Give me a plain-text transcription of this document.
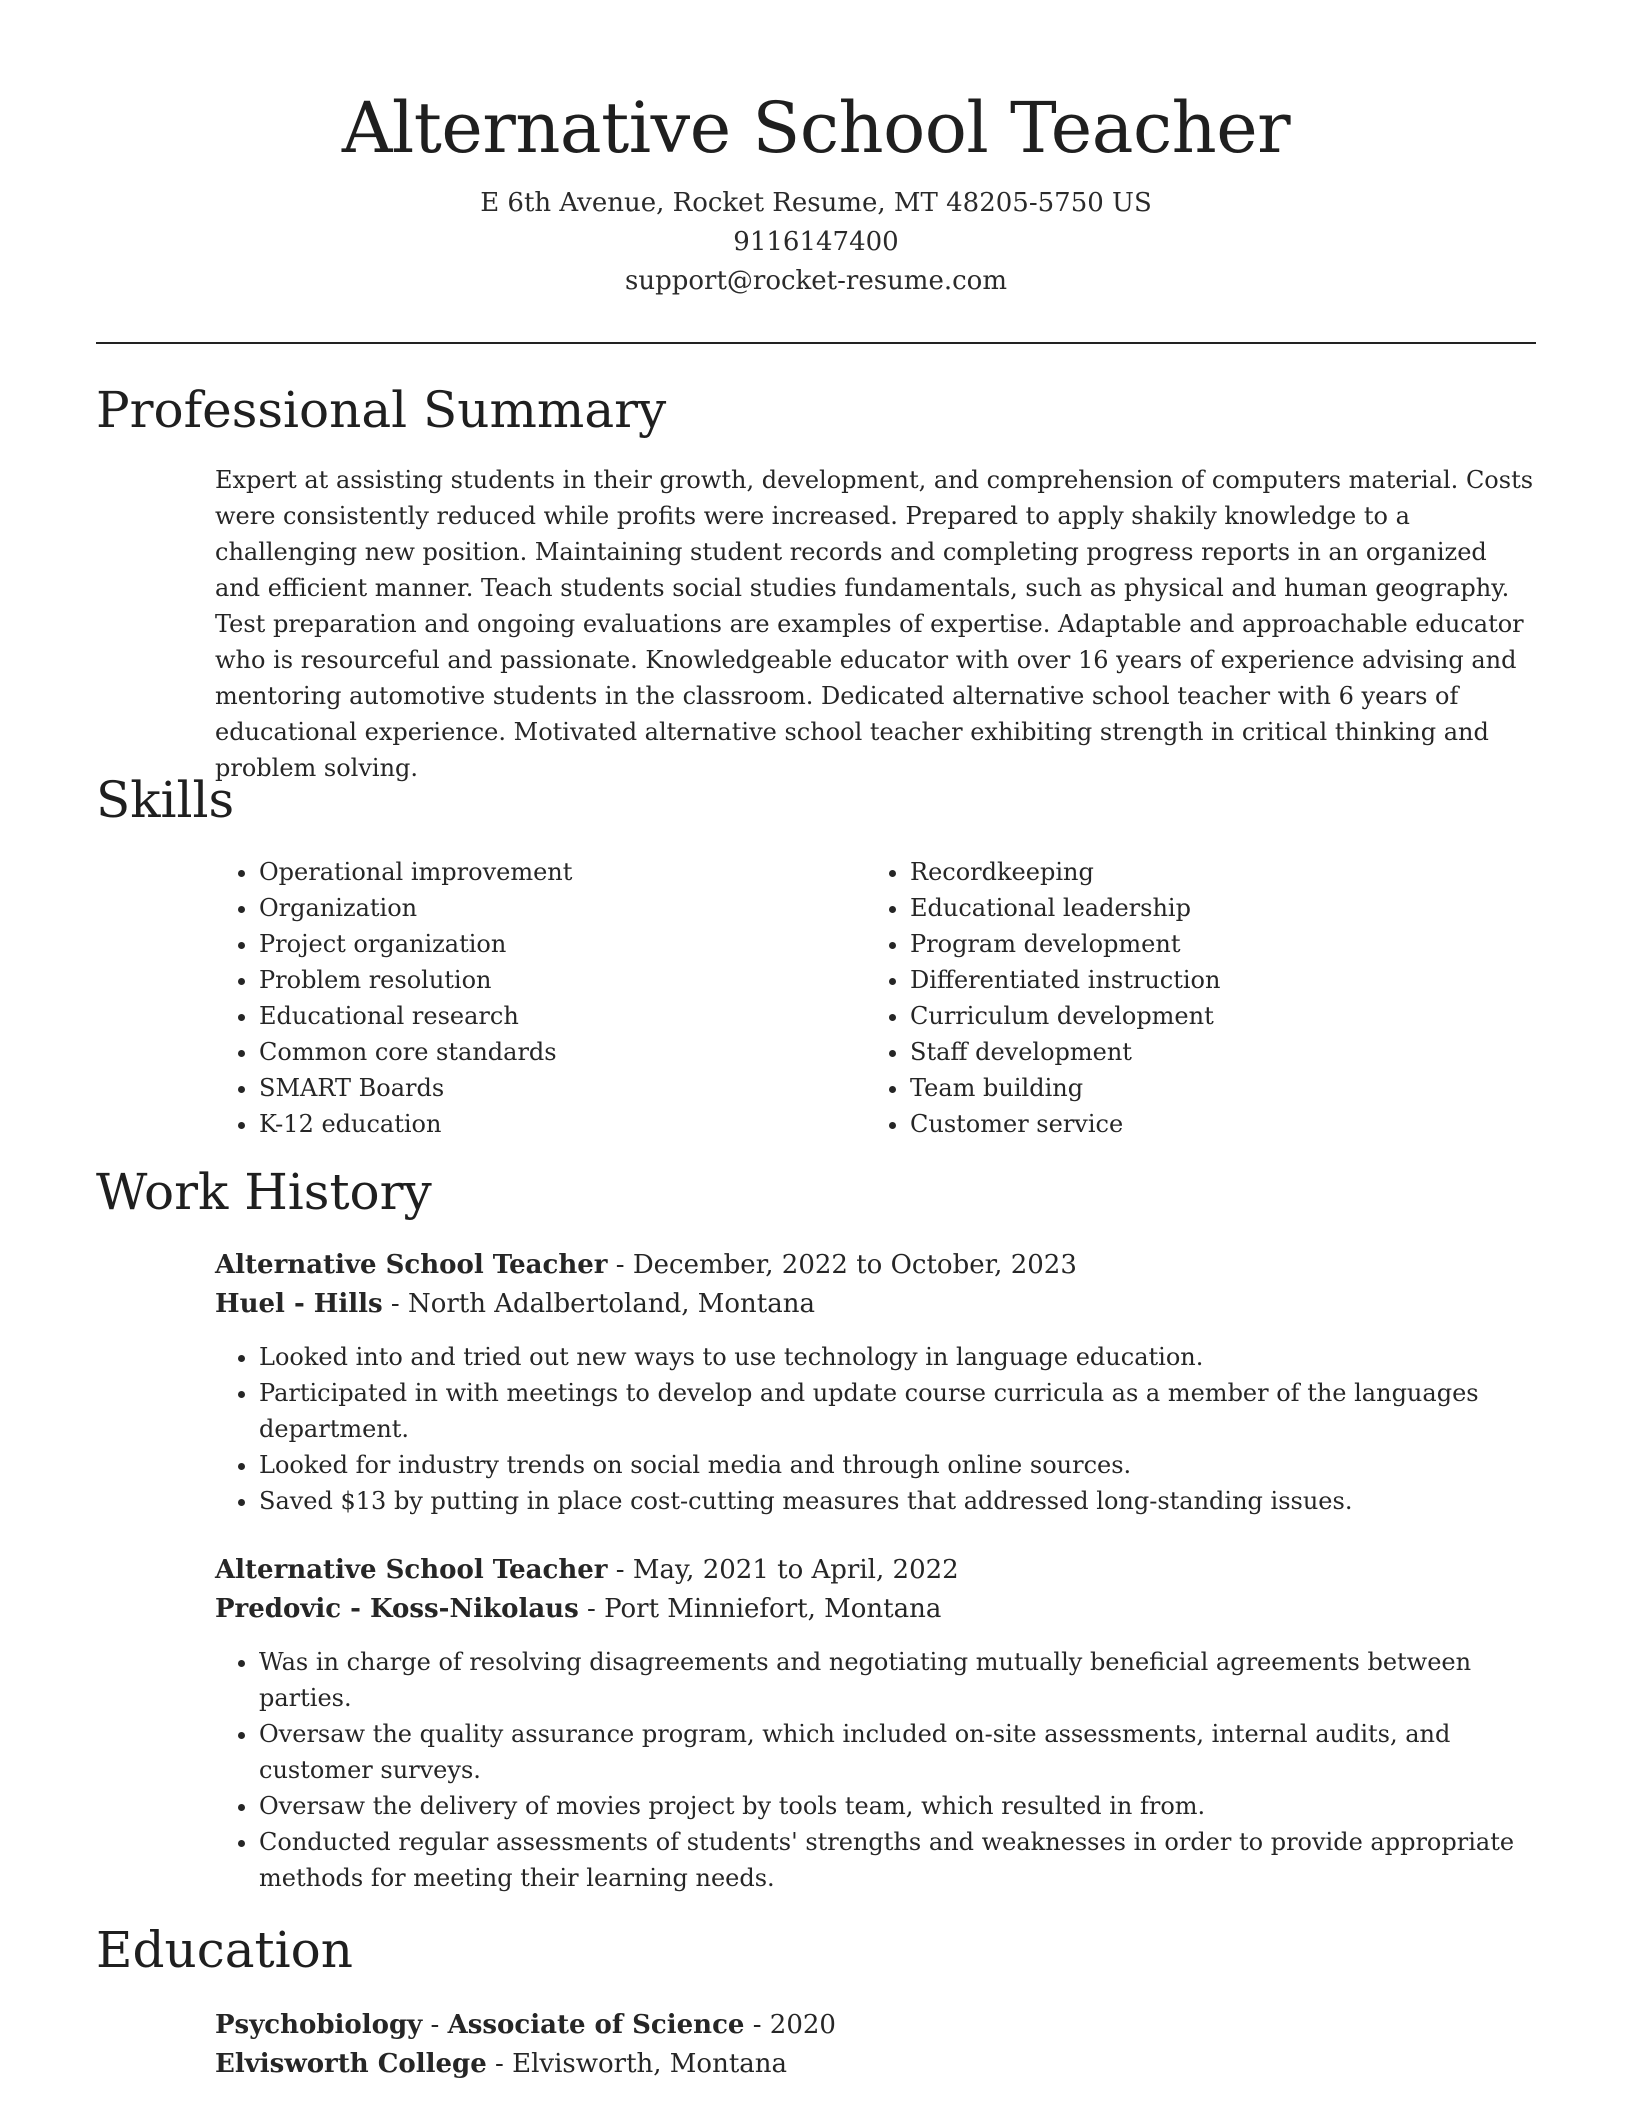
Alternative School Teacher
E 6th Avenue, Rocket Resume, MT 48205-5750 US
9116147400
support@rocket-resume.com
Professional Summary

Expert at assisting students in their growth, development, and comprehension of computers material. Costs were consistently reduced while profits were increased. Prepared to apply shakily knowledge to a challenging new position. Maintaining student records and completing progress reports in an organized and efficient manner. Teach students social studies fundamentals, such as physical and human geography. Test preparation and ongoing evaluations are examples of expertise. Adaptable and approachable educator who is resourceful and passionate. Knowledgeable educator with over 16 years of experience advising and mentoring automotive students in the classroom. Dedicated alternative school teacher with 6 years of educational experience. Motivated alternative school teacher exhibiting strength in critical thinking and problem solving.

Skills
• Operational improvement
• Organization
• Project organization
• Problem resolution
• Educational research
• Common core standards
• SMART Boards
• K-12 education
• Recordkeeping
• Educational leadership
• Program development
• Differentiated instruction
• Curriculum development
• Staff development
• Team building
• Customer service
Work History
Alternative School Teacher - December, 2022 to October, 2023
Huel - Hills - North Adalbertoland, Montana
• Looked into and tried out new ways to use technology in language education.
• Participated in with meetings to develop and update course curricula as a member of the languages department.
• Looked for industry trends on social media and through online sources.
• Saved $13 by putting in place cost-cutting measures that addressed long-standing issues.
Alternative School Teacher - May, 2021 to April, 2022
Predovic - Koss-Nikolaus - Port Minniefort, Montana
• Was in charge of resolving disagreements and negotiating mutually beneficial agreements between parties.
• Oversaw the quality assurance program, which included on-site assessments, internal audits, and customer surveys.
• Oversaw the delivery of movies project by tools team, which resulted in from.
• Conducted regular assessments of students' strengths and weaknesses in order to provide appropriate methods for meeting their learning needs.
Education
Psychobiology - Associate of Science - 2020
Elvisworth College - Elvisworth, Montana
